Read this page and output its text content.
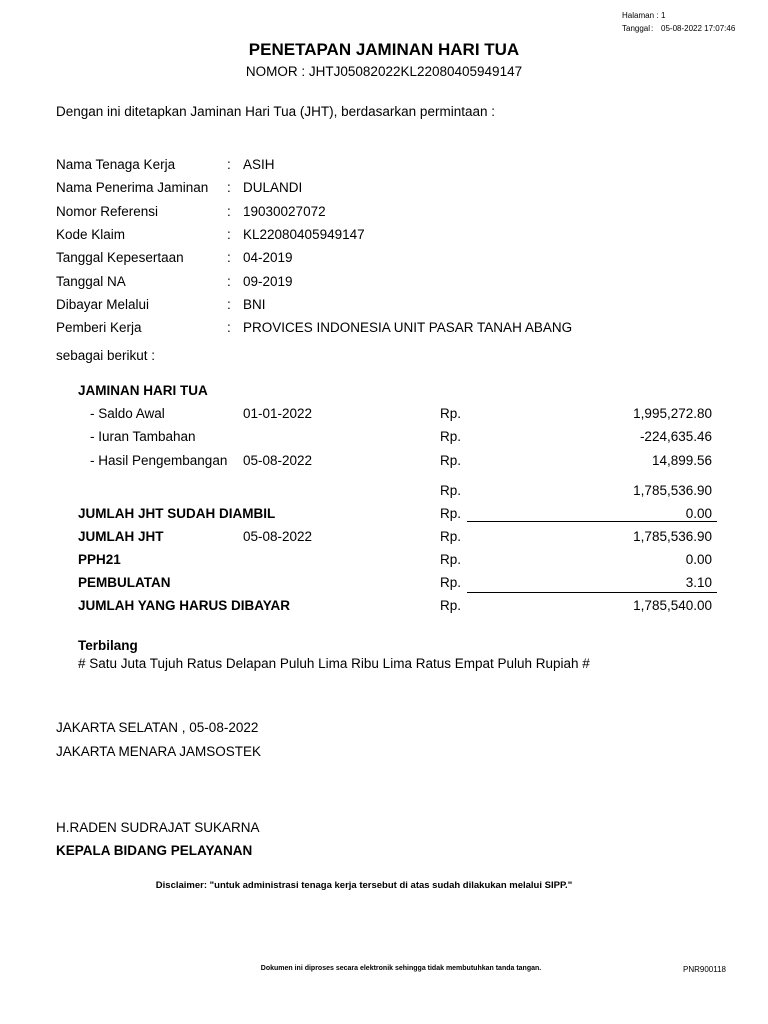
Halaman : 1
Tanggal : 05-08-2022 17:07:46
PENETAPAN JAMINAN HARI TUA
NOMOR : JHTJ05082022KL22080405949147
Dengan ini ditetapkan Jaminan Hari Tua (JHT), berdasarkan permintaan :
Nama Tenaga Kerja	: ASIH
Nama Penerima Jaminan : DULANDI
Nomor Referensi	: 19030027072
Kode Klaim	: KL22080405949147
Tanggal Kepesertaan	: 04-2019
Tanggal NA	: 09-2019
Dibayar Melalui	: BNI
Pemberi Kerja	: PROVICES INDONESIA UNIT PASAR TANAH ABANG
sebagai berikut :
JAMINAN HARI TUA
- Saldo Awal	01-01-2022	Rp.	1,995,272.80
- Iuran Tambahan	Rp.	-224,635.46
- Hasil Pengembangan 05-08-2022	Rp.	14,899.56
Rp.	1,785,536.90
JUMLAH JHT SUDAH DIAMBIL	Rp.	0.00
JUMLAH JHT	05-08-2022	Rp.	1,785,536.90
PPH21	Rp.	0.00
PEMBULATAN	Rp.	3.10
JUMLAH YANG HARUS DIBAYAR	Rp.	1,785,540.00
Terbilang
# Satu Juta Tujuh Ratus Delapan Puluh Lima Ribu Lima Ratus Empat Puluh Rupiah #
JAKARTA SELATAN , 05-08-2022
JAKARTA MENARA JAMSOSTEK
H.RADEN SUDRAJAT SUKARNA
KEPALA BIDANG PELAYANAN
Disclaimer: "untuk administrasi tenaga kerja tersebut di atas sudah dilakukan melalui SIPP."
Dokumen ini diproses secara elektronik sehingga tidak membutuhkan tanda tangan.	PNR900118
